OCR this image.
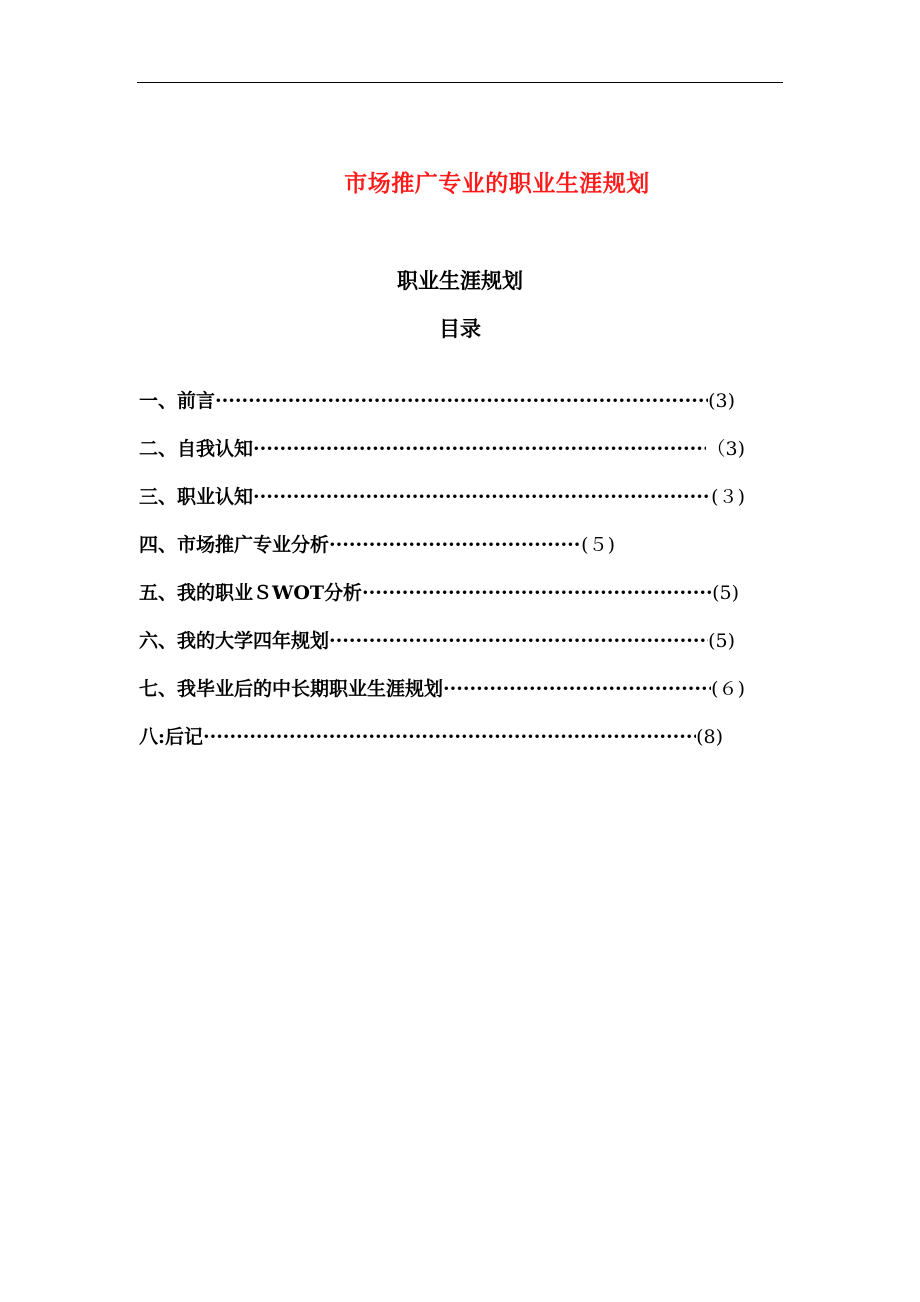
市场推广专业的职业生涯规划
职业生涯规划
目录
一、前言 ·····	(3)
二、自我认知 ·····	（3)
三、职业认知 ·····	(３)
四、市场推广专业分析 ·····	(５)
五、我的职业ＳWOT分析 ·····	(5)
六、我的大学四年规划 ·····	(5)
七、我毕业后的中长期职业生涯规划 ·····	(６)
八:后记 ·····	(8)
